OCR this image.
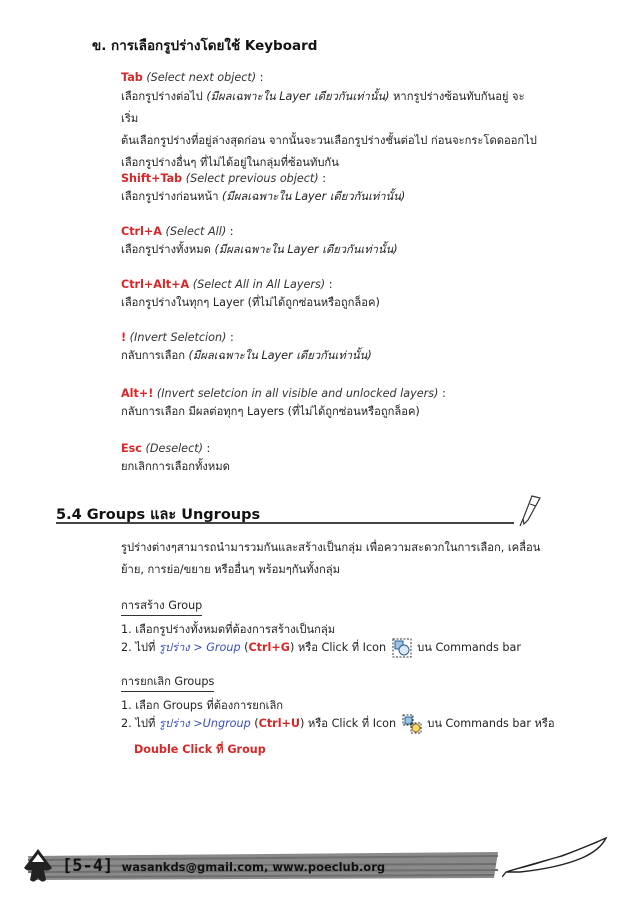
ข. การเลือกรูปร่างโดยใช้ Keyboard
Tab (Select next object) :
เลือกรูปร่างต่อไป (มีผลเฉพาะใน Layer เดียวกันเท่านั้น) หากรูปร่างซ้อนทับกันอยู่ จะเริ่ม
ต้นเลือกรูปร่างที่อยู่ล่างสุดก่อน จากนั้นจะวนเลือกรูปร่างชั้นต่อไป ก่อนจะกระโดดออกไป
เลือกรูปร่างอื่นๆ ที่ไม่ได้อยู่ในกลุ่มที่ซ้อนทับกัน
Shift+Tab (Select previous object) :
เลือกรูปร่างก่อนหน้า (มีผลเฉพาะใน Layer เดียวกันเท่านั้น)
Ctrl+A (Select All) :
เลือกรูปร่างทั้งหมด (มีผลเฉพาะใน Layer เดียวกันเท่านั้น)
Ctrl+Alt+A (Select All in All Layers) :
เลือกรูปร่างในทุกๆ Layer (ที่ไม่ได้ถูกซ่อนหรือถูกล็อค)
! (Invert Seletcion) :
กลับการเลือก (มีผลเฉพาะใน Layer เดียวกันเท่านั้น)
Alt+! (Invert seletcion in all visible and unlocked layers) :
กลับการเลือก มีผลต่อทุกๆ Layers (ที่ไม่ได้ถูกซ่อนหรือถูกล็อค)
Esc (Deselect) :
ยกเลิกการเลือกทั้งหมด
5.4 Groups และ Ungroups
รูปร่างต่างๆสามารถนำมารวมกันและสร้างเป็นกลุ่ม เพื่อความสะดวกในการเลือก, เคลื่อน
ย้าย, การย่อ/ขยาย หรืออื่นๆ พร้อมๆกันทั้งกลุ่ม
การสร้าง Group
1. เลือกรูปร่างทั้งหมดที่ต้องการสร้างเป็นกลุ่ม
2. ไปที่ รูปร่าง > Group (Ctrl+G) หรือ Click ที่ Icon  บน Commands bar
การยกเลิก Groups
1. เลือก Groups ที่ต้องการยกเลิก
2. ไปที่ รูปร่าง >Ungroup (Ctrl+U) หรือ Click ที่ Icon  บน Commands bar หรือ
Double Click ที่ Group
[5-4] wasankds@gmail.com, www.poeclub.org
